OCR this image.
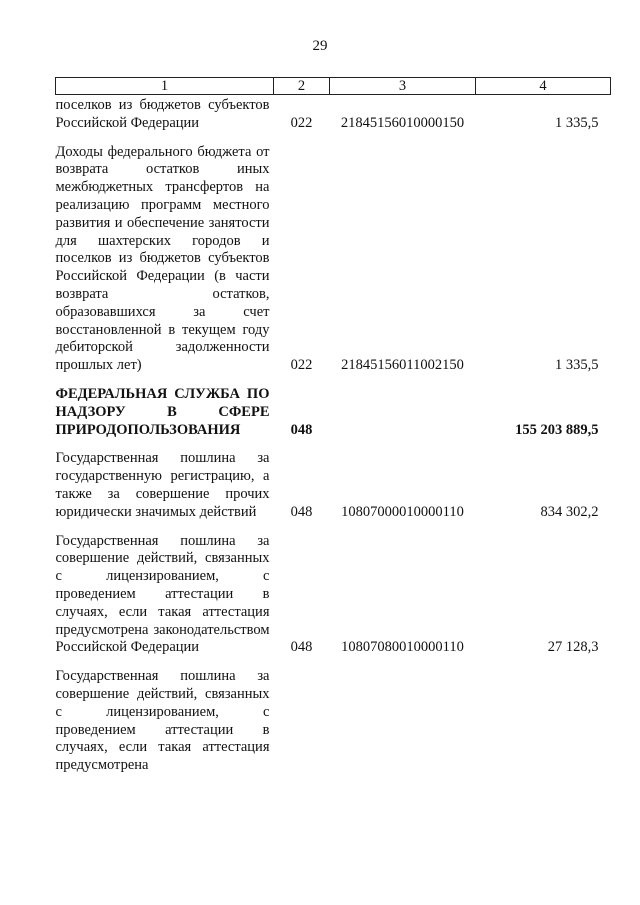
29
1	2	3	4
поселков из бюджетов субъектов Российской Федерации	022	21845156010000150	1 335,5
Доходы федерального бюджета от возврата остатков иных межбюджетных трансфертов на реализацию программ местного развития и обеспечение занятости для шахтерских городов и поселков из бюджетов субъектов Российской Федерации (в части возврата остатков, образовавшихся за счет восстановленной в текущем году дебиторской задолженности прошлых лет)	022	21845156011002150	1 335,5
ФЕДЕРАЛЬНАЯ СЛУЖБА ПО НАДЗОРУ В СФЕРЕ ПРИРОДОПОЛЬЗОВАНИЯ	048		155 203 889,5
Государственная пошлина за государственную регистрацию, а также за совершение прочих юридически значимых действий	048	10807000010000110	834 302,2
Государственная пошлина за совершение действий, связанных с лицензированием, с проведением аттестации в случаях, если такая аттестация предусмотрена законодательством Российской Федерации	048	10807080010000110	27 128,3
Государственная пошлина за совершение действий, связанных с лицензированием, с проведением аттестации в случаях, если такая аттестация предусмотрена			
